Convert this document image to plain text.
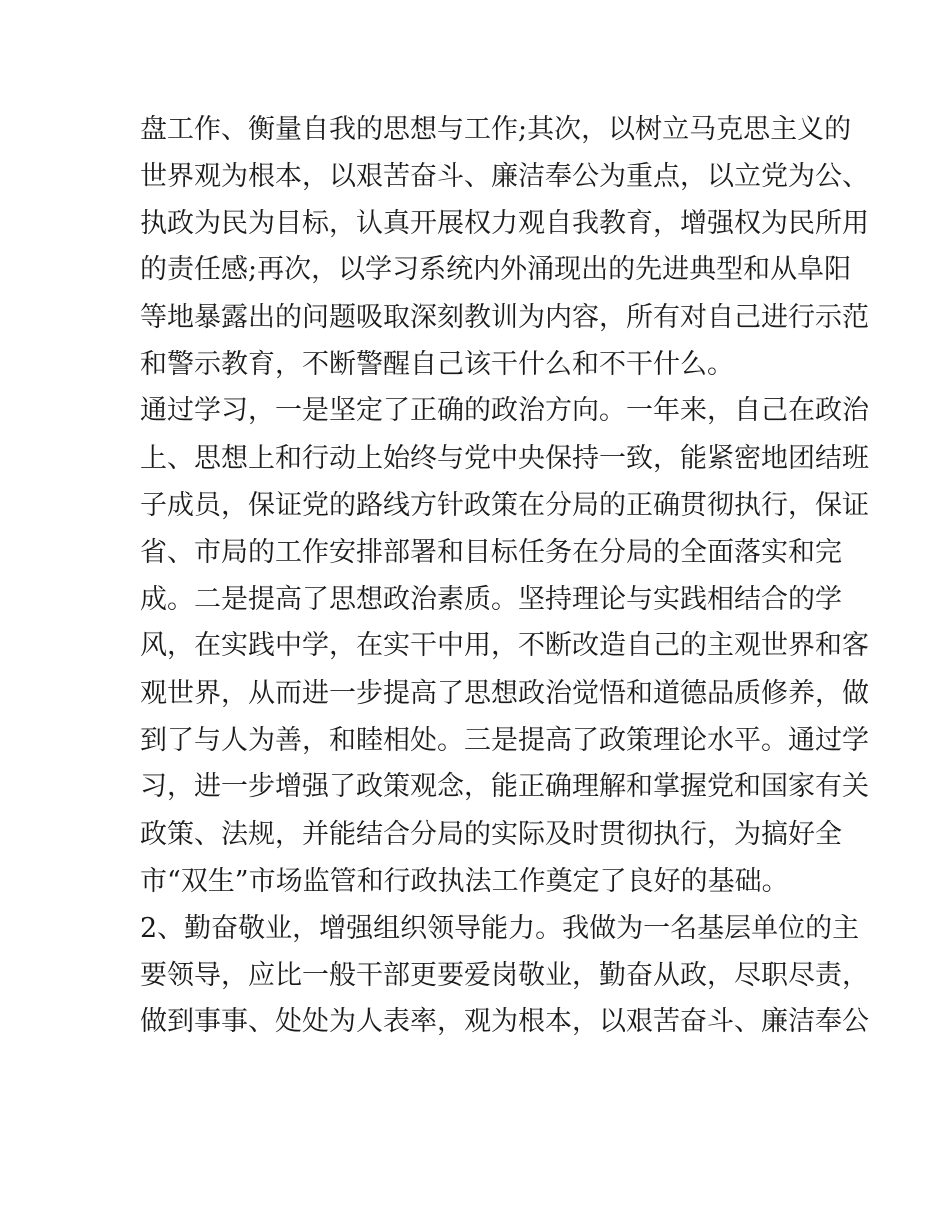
盘工作、衡量自我的思想与工作;其次，以树立马克思主义的
世界观为根本，以艰苦奋斗、廉洁奉公为重点，以立党为公、
执政为民为目标，认真开展权力观自我教育，增强权为民所用
的责任感;再次，以学习系统内外涌现出的先进典型和从阜阳
等地暴露出的问题吸取深刻教训为内容，所有对自己进行示范
和警示教育，不断警醒自己该干什么和不干什么。
通过学习，一是坚定了正确的政治方向。一年来，自己在政治
上、思想上和行动上始终与党中央保持一致，能紧密地团结班
子成员，保证党的路线方针政策在分局的正确贯彻执行，保证
省、市局的工作安排部署和目标任务在分局的全面落实和完
成。二是提高了思想政治素质。坚持理论与实践相结合的学
风，在实践中学，在实干中用，不断改造自己的主观世界和客
观世界，从而进一步提高了思想政治觉悟和道德品质修养，做
到了与人为善，和睦相处。三是提高了政策理论水平。通过学
习，进一步增强了政策观念，能正确理解和掌握党和国家有关
政策、法规，并能结合分局的实际及时贯彻执行，为搞好全
市“双生”市场监管和行政执法工作奠定了良好的基础。
2、勤奋敬业，增强组织领导能力。我做为一名基层单位的主
要领导，应比一般干部更要爱岗敬业，勤奋从政，尽职尽责，
做到事事、处处为人表率，观为根本，以艰苦奋斗、廉洁奉公
